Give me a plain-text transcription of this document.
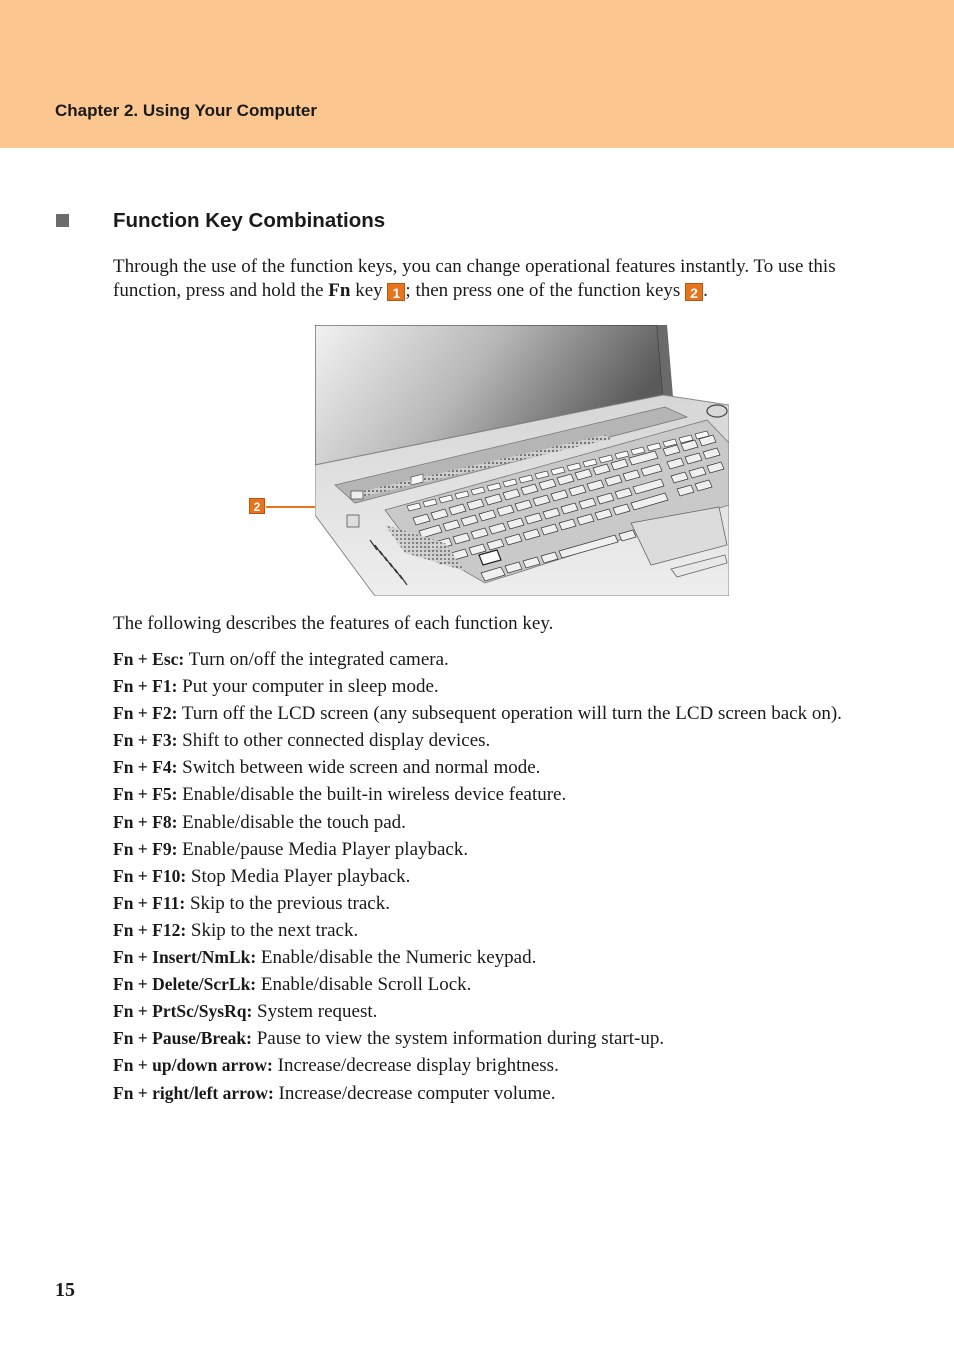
Chapter 2. Using Your Computer
Function Key Combinations
Through the use of the function keys, you can change operational features instantly. To use this function, press and hold the Fn key 1 ; then press one of the function keys 2 .
2
The following describes the features of each function key.
Fn + Esc: Turn on/off the integrated camera.
Fn + F1: Put your computer in sleep mode.
Fn + F2: Turn off the LCD screen (any subsequent operation will turn the LCD screen back on).
Fn + F3: Shift to other connected display devices.
Fn + F4: Switch between wide screen and normal mode.
Fn + F5: Enable/disable the built-in wireless device feature.
Fn + F8: Enable/disable the touch pad.
Fn + F9: Enable/pause Media Player playback.
Fn + F10: Stop Media Player playback.
Fn + F11: Skip to the previous track.
Fn + F12: Skip to the next track.
Fn + Insert/NmLk: Enable/disable the Numeric keypad.
Fn + Delete/ScrLk: Enable/disable Scroll Lock.
Fn + PrtSc/SysRq: System request.
Fn + Pause/Break: Pause to view the system information during start-up.
Fn + up/down arrow: Increase/decrease display brightness.
Fn + right/left arrow: Increase/decrease computer volume.
15
